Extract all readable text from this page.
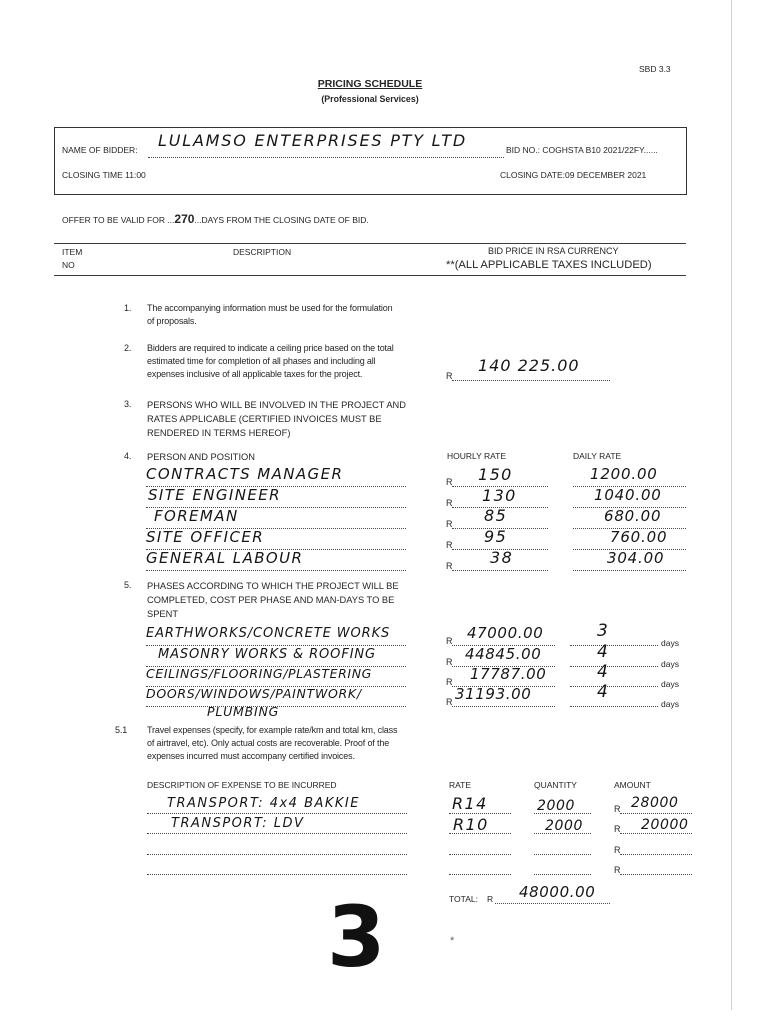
SBD 3.3
PRICING SCHEDULE
(Professional Services)
NAME OF BIDDER: LULAMSO ENTERPRISES PTY LTD	BID NO.: COGHSTA B10 2021/22FY......
CLOSING TIME 11:00	CLOSING DATE:09 DECEMBER 2021
OFFER TO BE VALID FOR ...270...DAYS FROM THE CLOSING DATE OF BID.
ITEM
NO
DESCRIPTION	BID PRICE IN RSA CURRENCY
**(ALL APPLICABLE TAXES INCLUDED)
1. The accompanying information must be used for the formulation
of proposals.
2. Bidders are required to indicate a ceiling price based on the total
estimated time for completion of all phases and including all
expenses inclusive of all applicable taxes for the project.	R
140 225.00
3. PERSONS WHO WILL BE INVOLVED IN THE PROJECT AND
RATES APPLICABLE (CERTIFIED INVOICES MUST BE
RENDERED IN TERMS HEREOF)
4. PERSON AND POSITION	HOURLY RATE	DAILY RATE
CONTRACTS MANAGER	R 150	1200.00
SITE ENGINEER	R 130	1040.00
FOREMAN	R 85	680.00
SITE OFFICER	R 95	760.00
GENERAL LABOUR	R 38	304.00
5. PHASES ACCORDING TO WHICH THE PROJECT WILL BE
COMPLETED, COST PER PHASE AND MAN-DAYS TO BE
SPENT
EARTHWORKS/CONCRETE WORKS	R 47000.00	3
days
MASONRY WORKS & ROOFING	R 44845.00	4
days
CEILINGS/FLOORING/PLASTERING
R 17787.00	4
days
DOORS/WINDOWS/PAINTWORK/
PLUMBING
R 31193.00	4
days
5.1 Travel expenses (specify, for example rate/km and total km, class
of airtravel, etc). Only actual costs are recoverable. Proof of the
expenses incurred must accompany certified invoices.
DESCRIPTION OF EXPENSE TO BE INCURRED	RATE	QUANTITY	AMOUNT
TRANSPORT: 4x4 BAKKIE	R14	2000	R 28000
TRANSPORT: LDV	R10	2000	R 20000
R
R
TOTAL: R 48000.00
3	*
